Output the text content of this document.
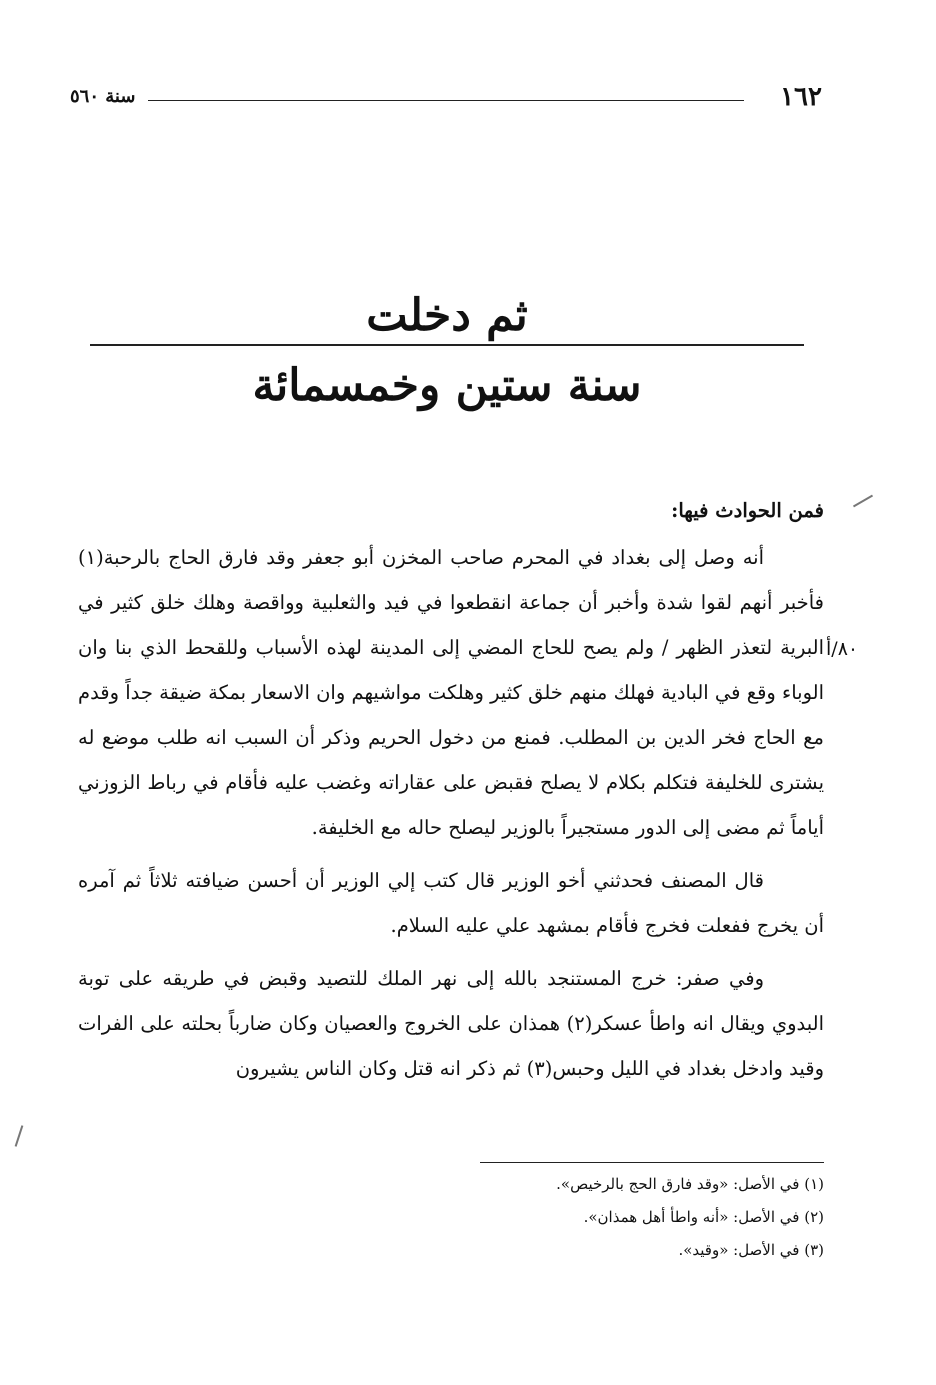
١٦٢
سنة ٥٦٠
ثم دخلت
سنة ستين وخمسمائة
٨٠/أ

فمن الحوادث فيها:

أنه وصل إلى بغداد في المحرم صاحب المخزن أبو جعفر وقد فارق الحاج بالرحبة(١) فأخبر أنهم لقوا شدة وأخبر أن جماعة انقطعوا في فيد والثعلبية وواقصة وهلك خلق كثير في البرية لتعذر الظهر / ولم يصح للحاج المضي إلى المدينة لهذه الأسباب وللقحط الذي بنا وان الوباء وقع في البادية فهلك منهم خلق كثير وهلكت مواشيهم وان الاسعار بمكة ضيقة جداً وقدم مع الحاج فخر الدين بن المطلب. فمنع من دخول الحريم وذكر أن السبب انه طلب موضع له يشترى للخليفة فتكلم بكلام لا يصلح فقبض على عقاراته وغضب عليه فأقام في رباط الزوزني أياماً ثم مضى إلى الدور مستجيراً بالوزير ليصلح حاله مع الخليفة.

قال المصنف فحدثني أخو الوزير قال كتب إلي الوزير أن أحسن ضيافته ثلاثاً ثم آمره أن يخرج ففعلت فخرج فأقام بمشهد علي عليه السلام.

وفي صفر: خرج المستنجد بالله إلى نهر الملك للتصيد وقبض في طريقه على توبة البدوي ويقال انه واطأ عسكر(٢) همذان على الخروج والعصيان وكان ضارباً بحلته على الفرات وقيد وادخل بغداد في الليل وحبس(٣) ثم ذكر انه قتل وكان الناس يشيرون

(١) في الأصل: «وقد فارق الحج بالرخيص».

(٢) في الأصل: «أنه واطأ أهل همذان».

(٣) في الأصل: «وقيد».
